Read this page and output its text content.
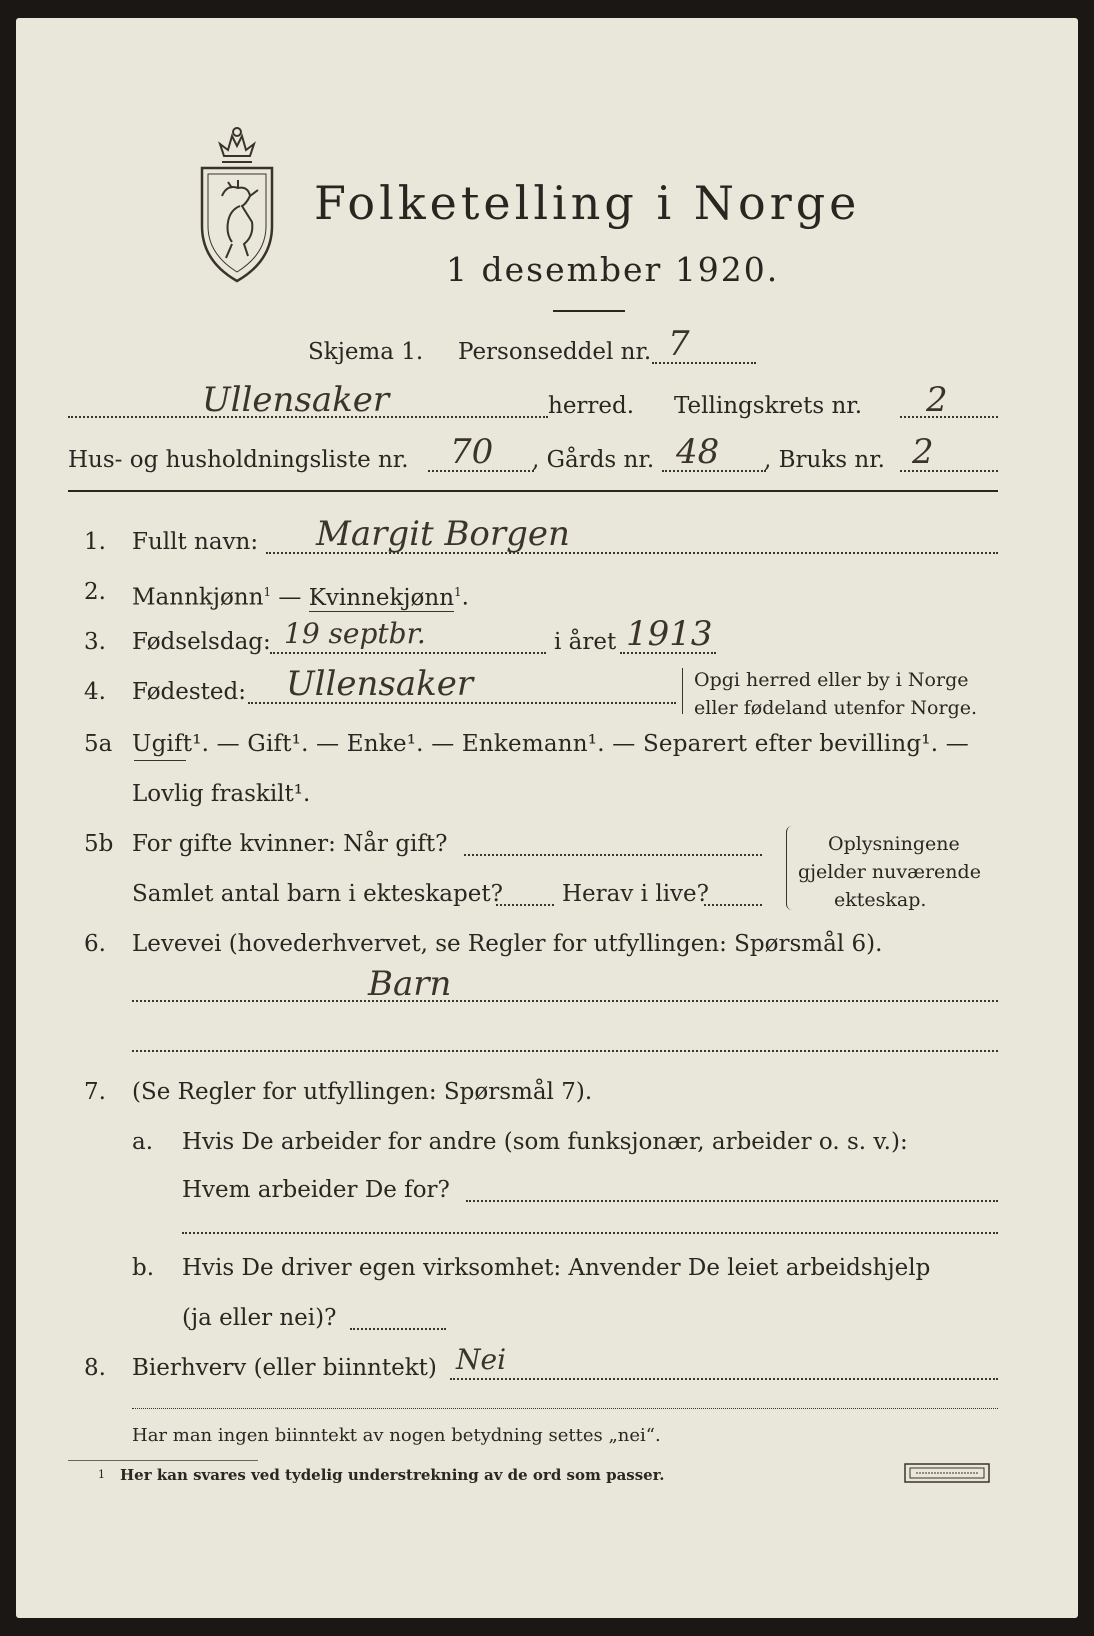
Folketelling i Norge
1 desember 1920.
Skjema 1. Personseddel nr. 7
Ullensaker	herred. Tellingskrets nr. 2
Hus- og husholdningsliste nr. 70 , Gårds nr. 48 , Bruks nr. 2
1. Fullt navn: Margit Borgen
2. Mannkjønn$^1$ — Kvinnekjønn$^1$.
3. Fødselsdag: 19 septbr.	i året 1913
4. Fødested: Ullensaker	Opgi herred eller by i Norge
eller fødeland utenfor Norge.
5a Ugift¹. — Gift¹. — Enke¹. — Enkemann¹. — Separert efter bevilling¹. —
Lovlig fraskilt¹.
5b For gifte kvinner: Når gift?
Samlet antal barn i ekteskapet?	Herav i live?
Oplysningene
gjelder nuværende
ekteskap.
6. Levevei (hovederhvervet, se Regler for utfyllingen: Spørsmål 6).
Barn
7. (Se Regler for utfyllingen: Spørsmål 7).
a. Hvis De arbeider for andre (som funksjonær, arbeider o. s. v.):
Hvem arbeider De for?
b. Hvis De driver egen virksomhet: Anvender De leiet arbeidshjelp
(ja eller nei)?
8. Bierhverv (eller biinntekt) Nei
Har man ingen biinntekt av nogen betydning settes „nei“.
1 Her kan svares ved tydelig understrekning av de ord som passer.
